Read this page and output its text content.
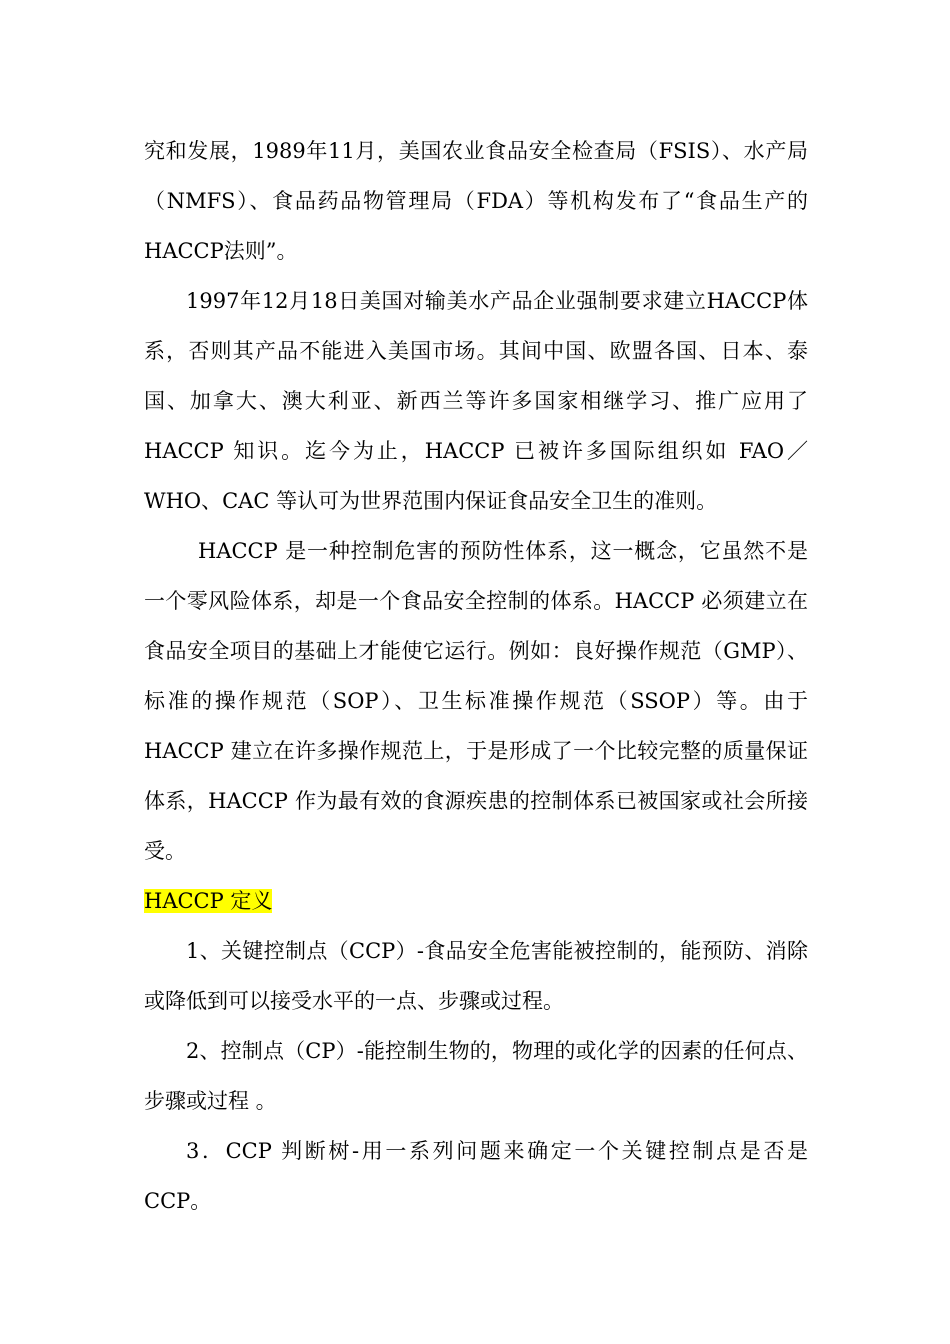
究和发展，1989年11月，美国农业食品安全检查局（FSIS）、水产局（NMFS）、食品药品物管理局（FDA）等机构发布了“食品生产的HACCP法则”。

1997年12月18日美国对输美水产品企业强制要求建立HACCP体系，否则其产品不能进入美国市场。其间中国、欧盟各国、日本、泰国、加拿大、澳大利亚、新西兰等许多国家相继学习、推广应用了 HACCP 知识。迄今为止，HACCP 已被许多国际组织如 FAO／WHO、CAC 等认可为世界范围内保证食品安全卫生的准则。

HACCP 是一种控制危害的预防性体系，这一概念，它虽然不是一个零风险体系，却是一个食品安全控制的体系。HACCP 必须建立在食品安全项目的基础上才能使它运行。例如：良好操作规范（GMP）、标准的操作规范（SOP）、卫生标准操作规范（SSOP）等。由于 HACCP 建立在许多操作规范上，于是形成了一个比较完整的质量保证体系，HACCP 作为最有效的食源疾患的控制体系已被国家或社会所接受。

HACCP 定义

1、关键控制点（CCP）-食品安全危害能被控制的，能预防、消除或降低到可以接受水平的一点、步骤或过程。

2、控制点（CP）-能控制生物的，物理的或化学的因素的任何点、步骤或过程 。

3．CCP 判断树-用一系列问题来确定一个关键控制点是否是 CCP。
